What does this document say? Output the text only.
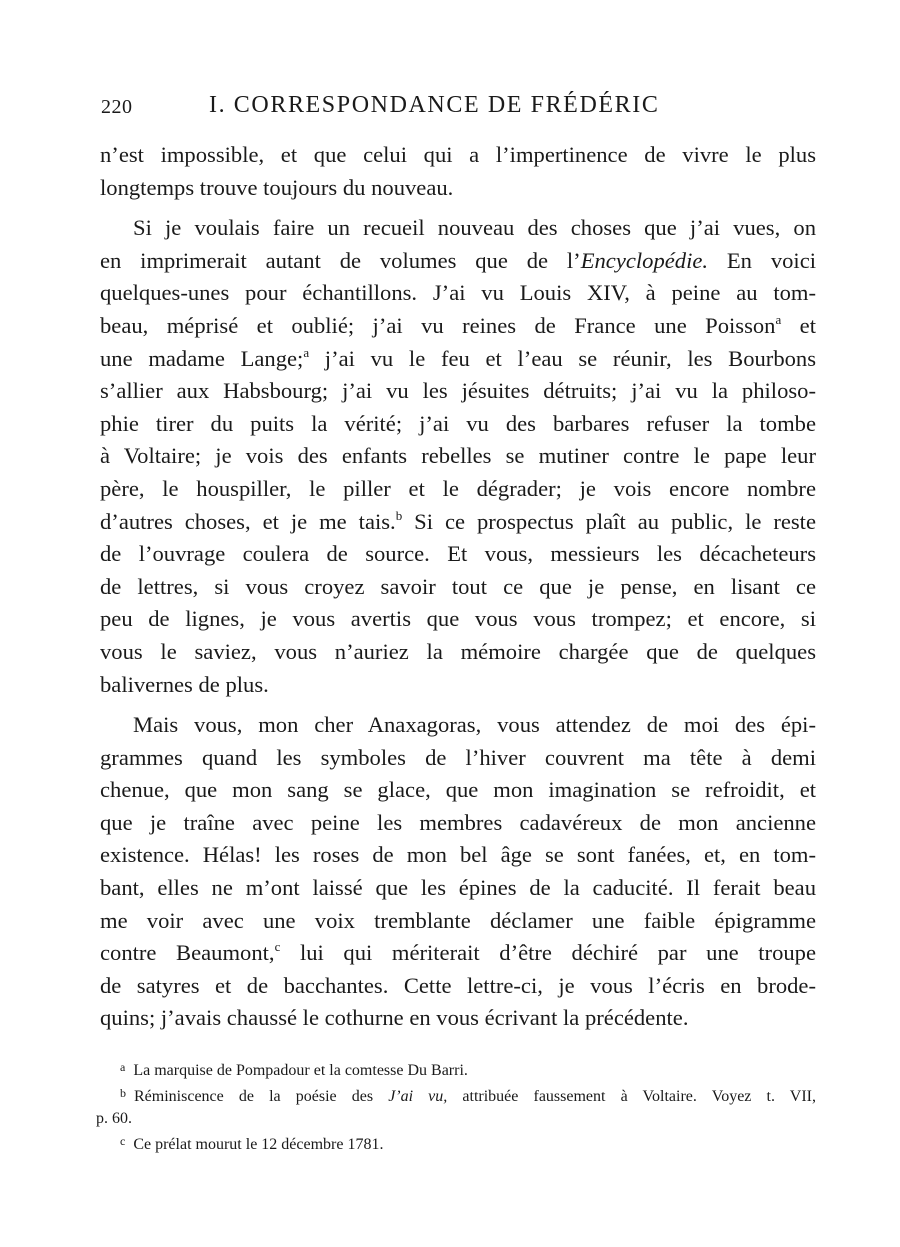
220	I. CORRESPONDANCE DE FRÉDÉRIC
n’est impossible, et que celui qui a l’impertinence de vivre le plus
longtemps trouve toujours du nouveau.
Si je voulais faire un recueil nouveau des choses que j’ai vues, on
en imprimerait autant de volumes que de l’Encyclopédie. En voici
quelques-unes pour échantillons. J’ai vu Louis XIV, à peine au tom-
beau, méprisé et oublié; j’ai vu reines de France une Poisson$^a$ et
une madame Lange;$^a$ j’ai vu le feu et l’eau se réunir, les Bourbons
s’allier aux Habsbourg; j’ai vu les jésuites détruits; j’ai vu la philoso-
phie tirer du puits la vérité; j’ai vu des barbares refuser la tombe
à Voltaire; je vois des enfants rebelles se mutiner contre le pape leur
père, le houspiller, le piller et le dégrader; je vois encore nombre
d’autres choses, et je me tais.$^b$ Si ce prospectus plaît au public, le reste
de l’ouvrage coulera de source. Et vous, messieurs les décacheteurs
de lettres, si vous croyez savoir tout ce que je pense, en lisant ce
peu de lignes, je vous avertis que vous vous trompez; et encore, si
vous le saviez, vous n’auriez la mémoire chargée que de quelques
balivernes de plus.
Mais vous, mon cher Anaxagoras, vous attendez de moi des épi-
grammes quand les symboles de l’hiver couvrent ma tête à demi
chenue, que mon sang se glace, que mon imagination se refroidit, et
que je traîne avec peine les membres cadavéreux de mon ancienne
existence. Hélas! les roses de mon bel âge se sont fanées, et, en tom-
bant, elles ne m’ont laissé que les épines de la caducité. Il ferait beau
me voir avec une voix tremblante déclamer une faible épigramme
contre Beaumont,$^c$ lui qui mériterait d’être déchiré par une troupe
de satyres et de bacchantes. Cette lettre-ci, je vous l’écris en brode-
quins; j’avais chaussé le cothurne en vous écrivant la précédente.
$^a$ La marquise de Pompadour et la comtesse Du Barri.
$^b$ Réminiscence de la poésie des J’ai vu, attribuée faussement à Voltaire. Voyez t. VII,
p. 60.
$^c$ Ce prélat mourut le 12 décembre 1781.
